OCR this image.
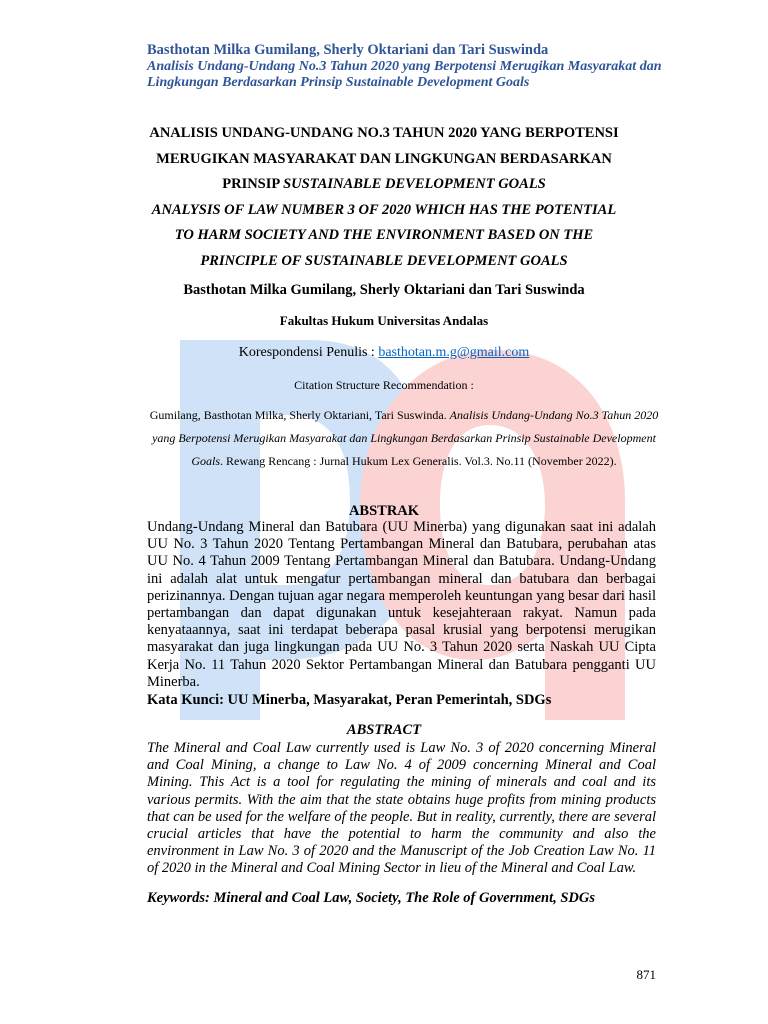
Basthotan Milka Gumilang, Sherly Oktariani dan Tari Suswinda
Analisis Undang-Undang No.3 Tahun 2020 yang Berpotensi Merugikan Masyarakat dan Lingkungan Berdasarkan Prinsip Sustainable Development Goals

ANALISIS UNDANG-UNDANG NO.3 TAHUN 2020 YANG BERPOTENSI
MERUGIKAN MASYARAKAT DAN LINGKUNGAN BERDASARKAN
PRINSIP SUSTAINABLE DEVELOPMENT GOALS

ANALYSIS OF LAW NUMBER 3 OF 2020 WHICH HAS THE POTENTIAL
TO HARM SOCIETY AND THE ENVIRONMENT BASED ON THE
PRINCIPLE OF SUSTAINABLE DEVELOPMENT GOALS

Basthotan Milka Gumilang, Sherly Oktariani dan Tari Suswinda

Fakultas Hukum Universitas Andalas
Korespondensi Penulis : basthotan.m.g@gmail.com
Citation Structure Recommendation :
Gumilang, Basthotan Milka, Sherly Oktariani, Tari Suswinda. Analisis Undang-Undang No.3 Tahun 2020 yang Berpotensi Merugikan Masyarakat dan Lingkungan Berdasarkan Prinsip Sustainable Development Goals. Rewang Rencang : Jurnal Hukum Lex Generalis. Vol.3. No.11 (November 2022).
ABSTRAK

Undang-Undang Mineral dan Batubara (UU Minerba) yang digunakan saat ini adalah UU No. 3 Tahun 2020 Tentang Pertambangan Mineral dan Batubara, perubahan atas UU No. 4 Tahun 2009 Tentang Pertambangan Mineral dan Batubara. Undang-Undang ini adalah alat untuk mengatur pertambangan mineral dan batubara dan berbagai perizinannya. Dengan tujuan agar negara memperoleh keuntungan yang besar dari hasil pertambangan dan dapat digunakan untuk kesejahteraan rakyat. Namun pada kenyataannya, saat ini terdapat beberapa pasal krusial yang berpotensi merugikan masyarakat dan juga lingkungan pada UU No. 3 Tahun 2020 serta Naskah UU Cipta Kerja No. 11 Tahun 2020 Sektor Pertambangan Mineral dan Batubara pengganti UU Minerba.

Kata Kunci: UU Minerba, Masyarakat, Peran Pemerintah, SDGs
ABSTRACT

The Mineral and Coal Law currently used is Law No. 3 of 2020 concerning Mineral and Coal Mining, a change to Law No. 4 of 2009 concerning Mineral and Coal Mining. This Act is a tool for regulating the mining of minerals and coal and its various permits. With the aim that the state obtains huge profits from mining products that can be used for the welfare of the people. But in reality, currently, there are several crucial articles that have the potential to harm the community and also the environment in Law No. 3 of 2020 and the Manuscript of the Job Creation Law No. 11 of 2020 in the Mineral and Coal Mining Sector in lieu of the Mineral and Coal Law.

Keywords: Mineral and Coal Law, Society, The Role of Government, SDGs
871
